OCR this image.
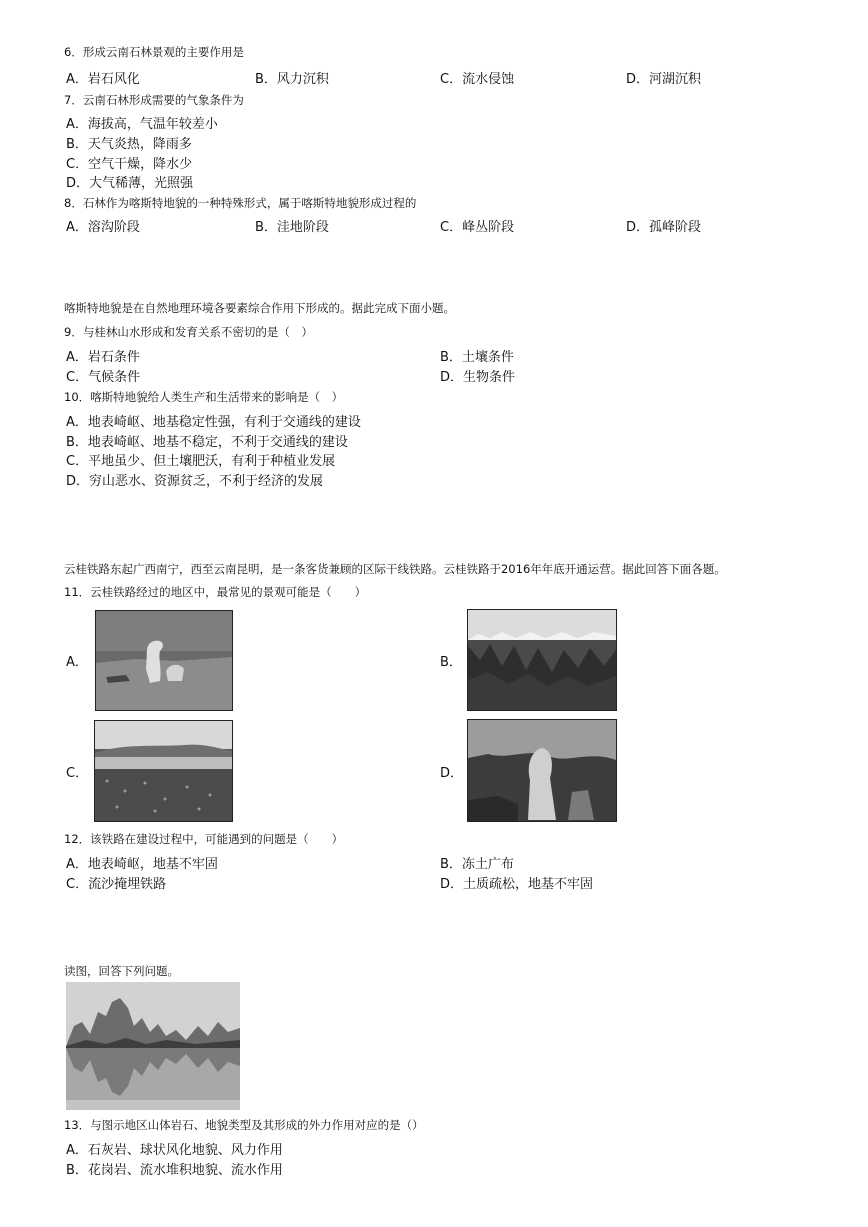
6．形成云南石林景观的主要作用是
A．岩石风化	B．风力沉积	C．流水侵蚀	D．河湖沉积
7．云南石林形成需要的气象条件为
A．海拔高，气温年较差小
B．天气炎热，降雨多
C．空气干燥，降水少
D．大气稀薄，光照强
8．石林作为喀斯特地貌的一种特殊形式，属于喀斯特地貌形成过程的
A．溶沟阶段	B．洼地阶段	C．峰丛阶段	D．孤峰阶段
喀斯特地貌是在自然地理环境各要素综合作用下形成的。据此完成下面小题。
9．与桂林山水形成和发育关系不密切的是（　）
A．岩石条件	B．土壤条件
C．气候条件	D．生物条件
10．喀斯特地貌给人类生产和生活带来的影响是（　）
A．地表崎岖、地基稳定性强，有利于交通线的建设
B．地表崎岖、地基不稳定，不利于交通线的建设
C．平地虽少、但土壤肥沃，有利于种植业发展
D．穷山恶水、资源贫乏，不利于经济的发展
云桂铁路东起广西南宁，西至云南昆明，是一条客货兼顾的区际干线铁路。云桂铁路于2016年年底开通运营。据此回答下面各题。
11．云桂铁路经过的地区中，最常见的景观可能是（　　）
A．	B．
C．	D．
12．该铁路在建设过程中，可能遇到的问题是（　　）
A．地表崎岖，地基不牢固	B．冻土广布
C．流沙掩埋铁路	D．土质疏松，地基不牢固
读图，回答下列问题。
13．与图示地区山体岩石、地貌类型及其形成的外力作用对应的是（）
A．石灰岩、球状风化地貌、风力作用
B．花岗岩、流水堆积地貌、流水作用
